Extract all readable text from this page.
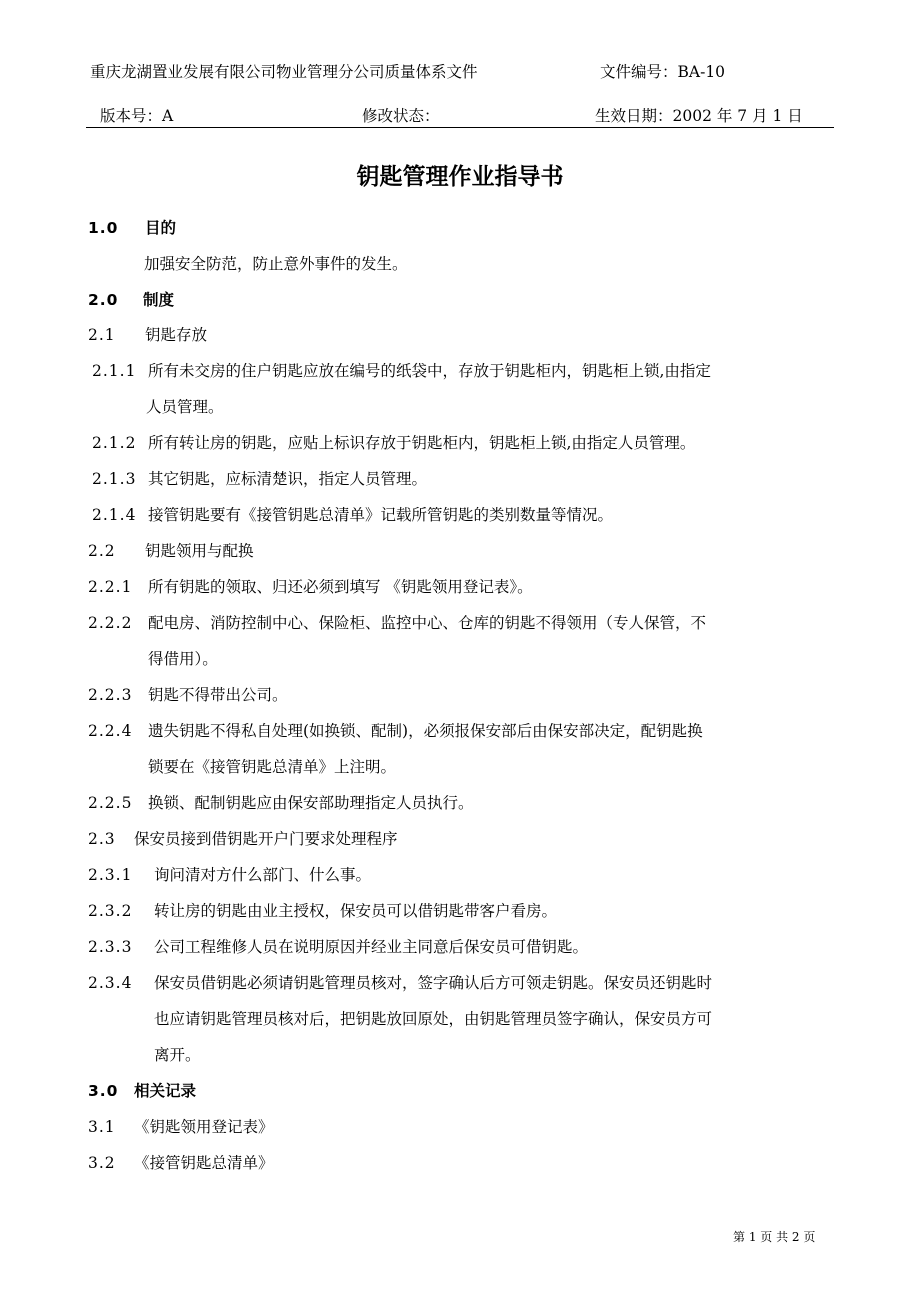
重庆龙湖置业发展有限公司物业管理分公司质量体系文件	文件编号：BA-10
版本号：A	修改状态：	生效日期：2002 年 7 月 1 日
钥匙管理作业指导书
1.0 目的
加强安全防范，防止意外事件的发生。
2.0 制度
2.1 钥匙存放
2.1.1 所有未交房的住户钥匙应放在编号的纸袋中，存放于钥匙柜内，钥匙柜上锁,由指定
人员管理。
2.1.2 所有转让房的钥匙，应贴上标识存放于钥匙柜内，钥匙柜上锁,由指定人员管理。
2.1.3 其它钥匙，应标清楚识，指定人员管理。
2.1.4 接管钥匙要有《接管钥匙总清单》记载所管钥匙的类别数量等情况。
2.2 钥匙领用与配换
2.2.1 所有钥匙的领取、归还必须到填写 《钥匙领用登记表》。
2.2.2 配电房、消防控制中心、保险柜、监控中心、仓库的钥匙不得领用（专人保管，不
得借用）。
2.2.3 钥匙不得带出公司。
2.2.4 遗失钥匙不得私自处理(如换锁、配制)，必须报保安部后由保安部决定，配钥匙换
锁要在《接管钥匙总清单》上注明。
2.2.5 换锁、配制钥匙应由保安部助理指定人员执行。
2.3 保安员接到借钥匙开户门要求处理程序
2.3.1 询问清对方什么部门、什么事。
2.3.2 转让房的钥匙由业主授权，保安员可以借钥匙带客户看房。
2.3.3 公司工程维修人员在说明原因并经业主同意后保安员可借钥匙。
2.3.4 保安员借钥匙必须请钥匙管理员核对，签字确认后方可领走钥匙。保安员还钥匙时
也应请钥匙管理员核对后，把钥匙放回原处，由钥匙管理员签字确认，保安员方可
离开。
3.0 相关记录
3.1 《钥匙领用登记表》
3.2 《接管钥匙总清单》
第 1 页 共 2 页
